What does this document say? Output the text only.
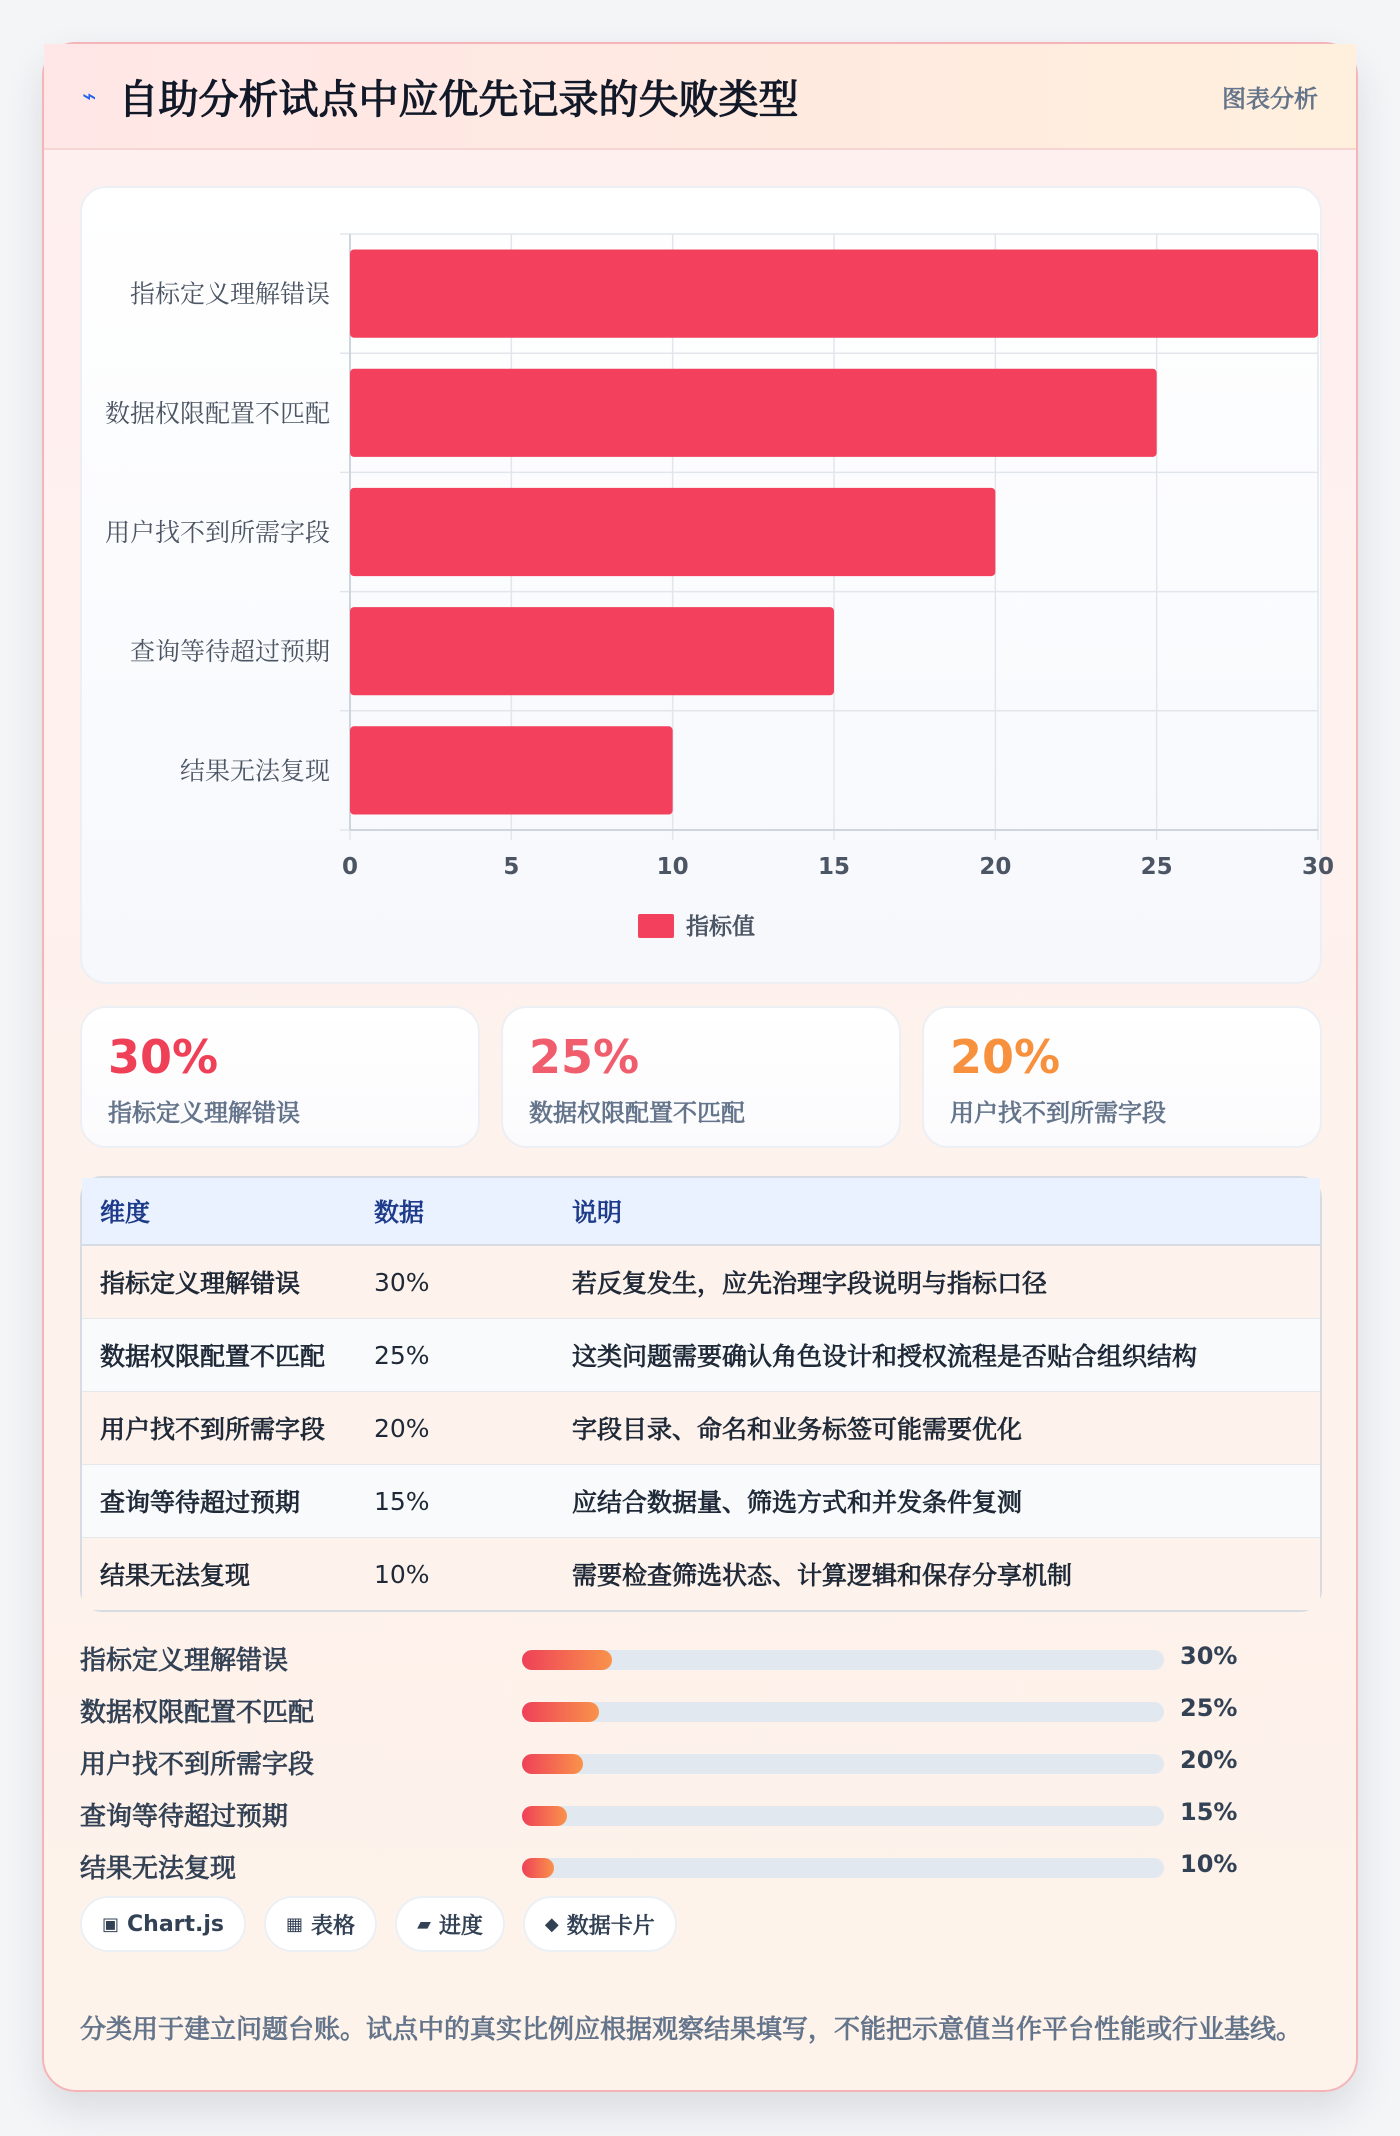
⌁ 自助分析试点中应优先记录的失败类型	图表分析
指标定义理解错误
数据权限配置不匹配
用户找不到所需字段
查询等待超过预期
结果无法复现
0	5	10	15	20	25	30
指标值
30%
指标定义理解错误
25%
数据权限配置不匹配
20%
用户找不到所需字段
维度	数据	说明
指标定义理解错误	30%	若反复发生，应先治理字段说明与指标口径
数据权限配置不匹配	25%	这类问题需要确认角色设计和授权流程是否贴合组织结构
用户找不到所需字段	20%	字段目录、命名和业务标签可能需要优化
查询等待超过预期	15%	应结合数据量、筛选方式和并发条件复测
结果无法复现	10%	需要检查筛选状态、计算逻辑和保存分享机制
指标定义理解错误	30%
数据权限配置不匹配	25%
用户找不到所需字段	20%
查询等待超过预期	15%
结果无法复现	10%
▣ Chart.js	▦ 表格	▰ 进度	◆ 数据卡片
分类用于建立问题台账。试点中的真实比例应根据观察结果填写，不能把示意值当作平台性能或行业基线。
